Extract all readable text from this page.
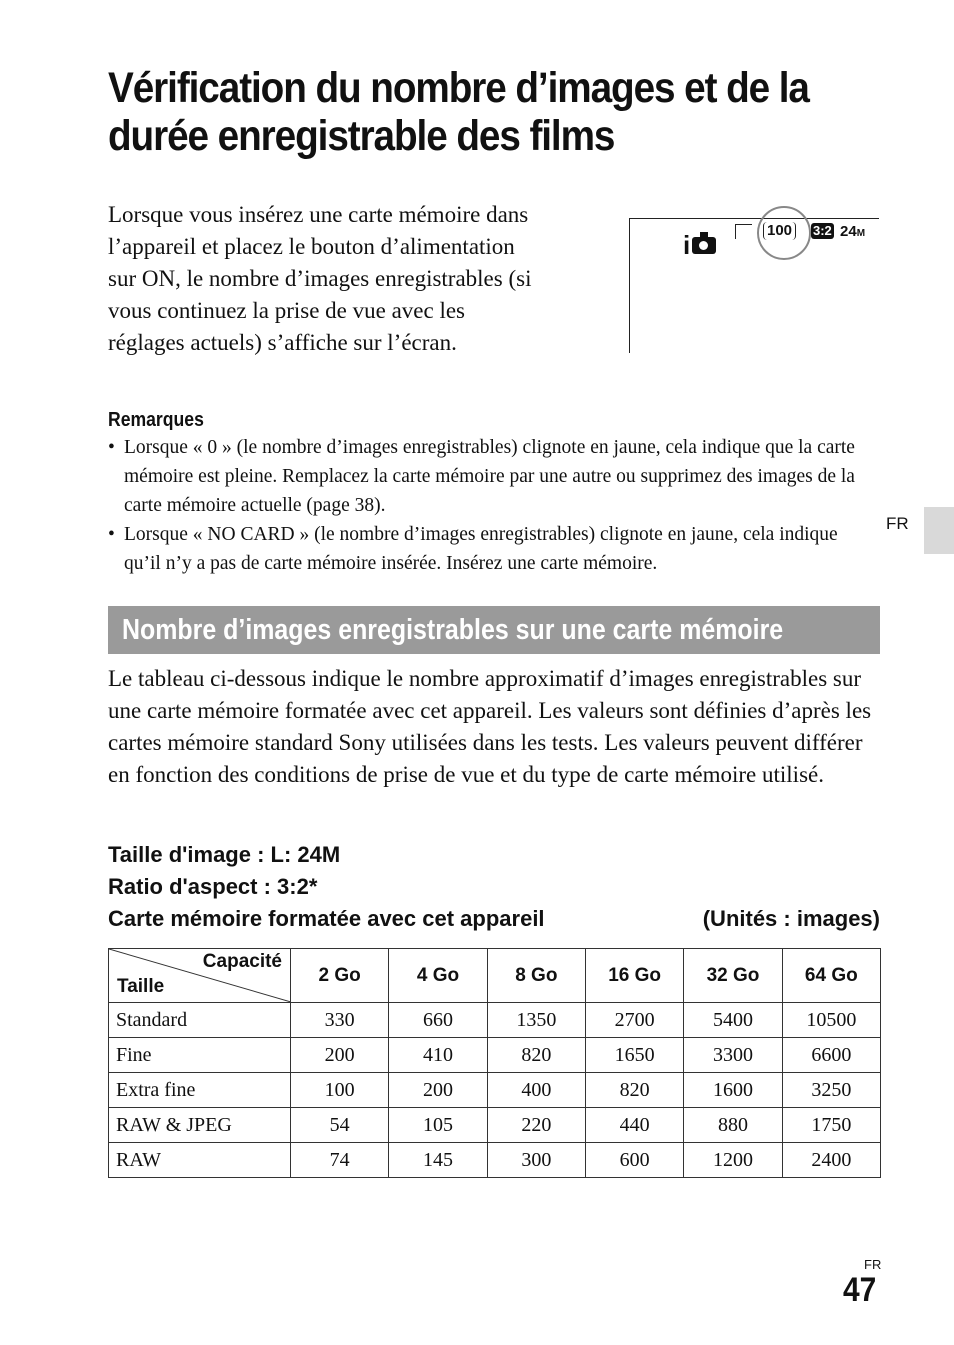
Vérification du nombre d’images et de la durée enregistrable des films

Lorsque vous insérez une carte mémoire dans l’appareil et placez le bouton d’alimentation sur ON, le nombre d’images enregistrables (si vous continuez la prise de vue avec les réglages actuels) s’affiche sur l’écran.

i	100	3:2 24M
Remarques
• Lorsque « 0 » (le nombre d’images enregistrables) clignote en jaune, cela indique que la carte mémoire est pleine. Remplacez la carte mémoire par une autre ou supprimez des images de la carte mémoire actuelle (page 38).
• Lorsque « NO CARD » (le nombre d’images enregistrables) clignote en jaune, cela indique qu’il n’y a pas de carte mémoire insérée. Insérez une carte mémoire.
FR
Nombre d’images enregistrables sur une carte mémoire

Le tableau ci-dessous indique le nombre approximatif d’images enregistrables sur une carte mémoire formatée avec cet appareil. Les valeurs sont définies d’après les cartes mémoire standard Sony utilisées dans les tests. Les valeurs peuvent différer en fonction des conditions de prise de vue et du type de carte mémoire utilisé.

Taille d'image : L: 24M
Ratio d'aspect : 3:2*
Carte mémoire formatée avec cet appareil	(Unités : images)
Capacité
Taille	2 Go	4 Go	8 Go	16 Go	32 Go	64 Go
Standard	330	660	1350	2700	5400	10500
Fine	200	410	820	1650	3300	6600
Extra fine	100	200	400	820	1600	3250
RAW & JPEG	54	105	220	440	880	1750
RAW	74	145	300	600	1200	2400
FR
47
